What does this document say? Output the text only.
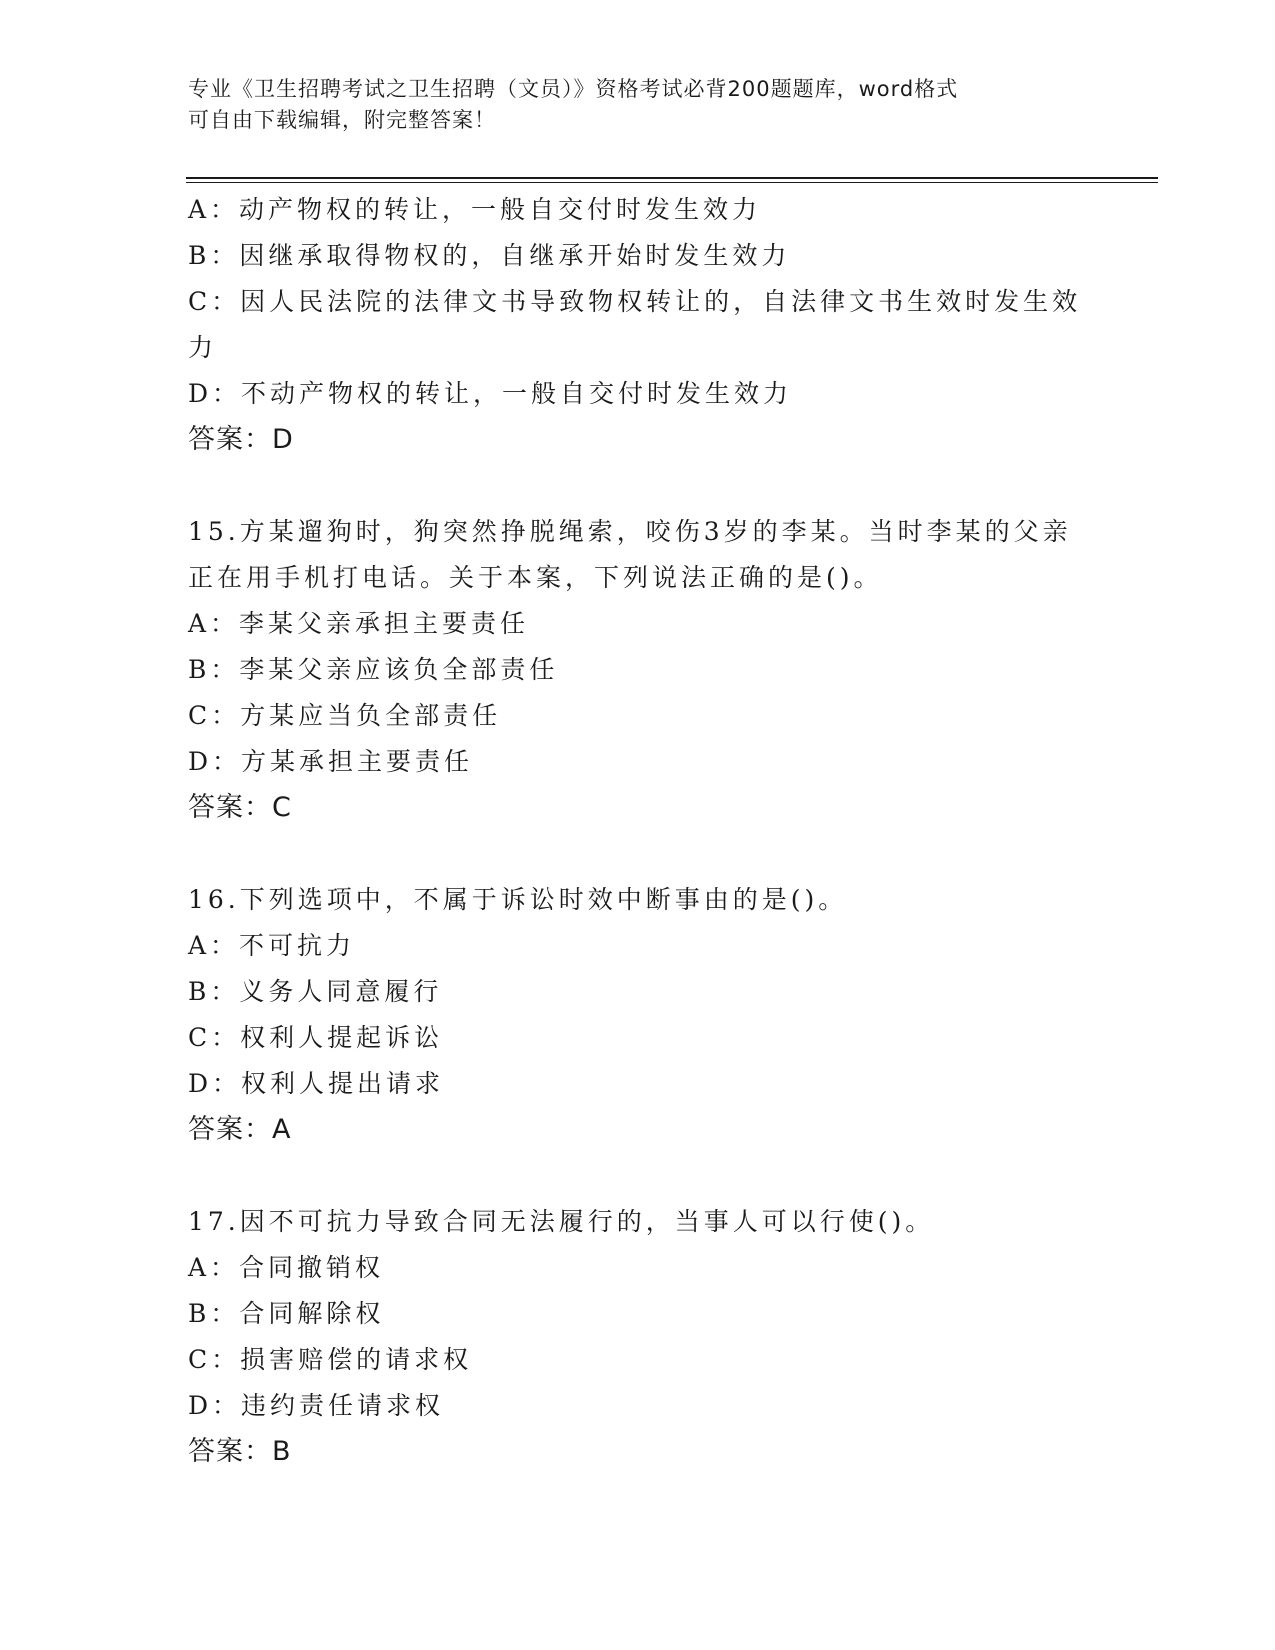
专业《卫生招聘考试之卫生招聘（文员）》资格考试必背200题题库，word格式
可自由下载编辑，附完整答案！
A：动产物权的转让，一般自交付时发生效力
B：因继承取得物权的，自继承开始时发生效力
C：因人民法院的法律文书导致物权转让的，自法律文书生效时发生效
力
D：不动产物权的转让，一般自交付时发生效力
答案：D
15.方某遛狗时，狗突然挣脱绳索，咬伤3岁的李某。当时李某的父亲
正在用手机打电话。关于本案，下列说法正确的是()。
A：李某父亲承担主要责任
B：李某父亲应该负全部责任
C：方某应当负全部责任
D：方某承担主要责任
答案：C
16.下列选项中，不属于诉讼时效中断事由的是()。
A：不可抗力
B：义务人同意履行
C：权利人提起诉讼
D：权利人提出请求
答案：A
17.因不可抗力导致合同无法履行的，当事人可以行使()。
A：合同撤销权
B：合同解除权
C：损害赔偿的请求权
D：违约责任请求权
答案：B
